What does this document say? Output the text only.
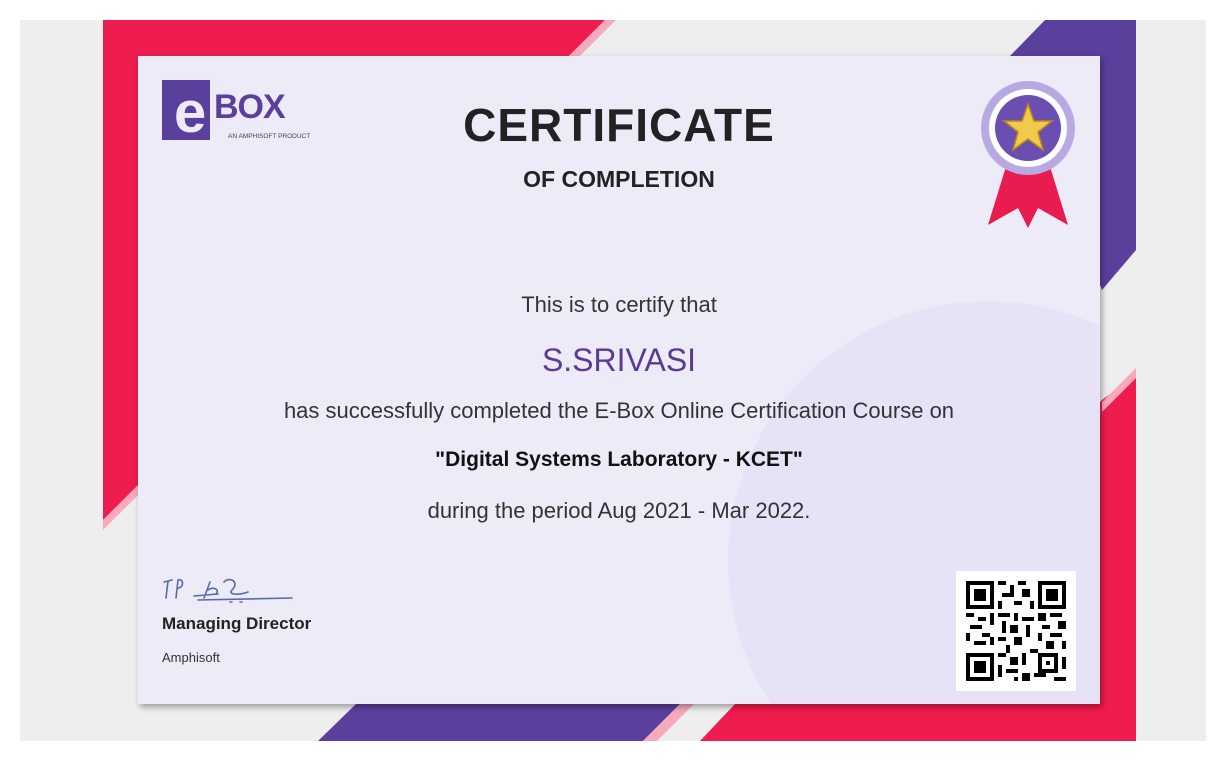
e BOX
AN AMPHISOFT PRODUCT	CERTIFICATE
OF COMPLETION
This is to certify that
S.SRIVASI
has successfully completed the E-Box Online Certification Course on
"Digital Systems Laboratory - KCET"
during the period Aug 2021 - Mar 2022.
Managing Director
Amphisoft
